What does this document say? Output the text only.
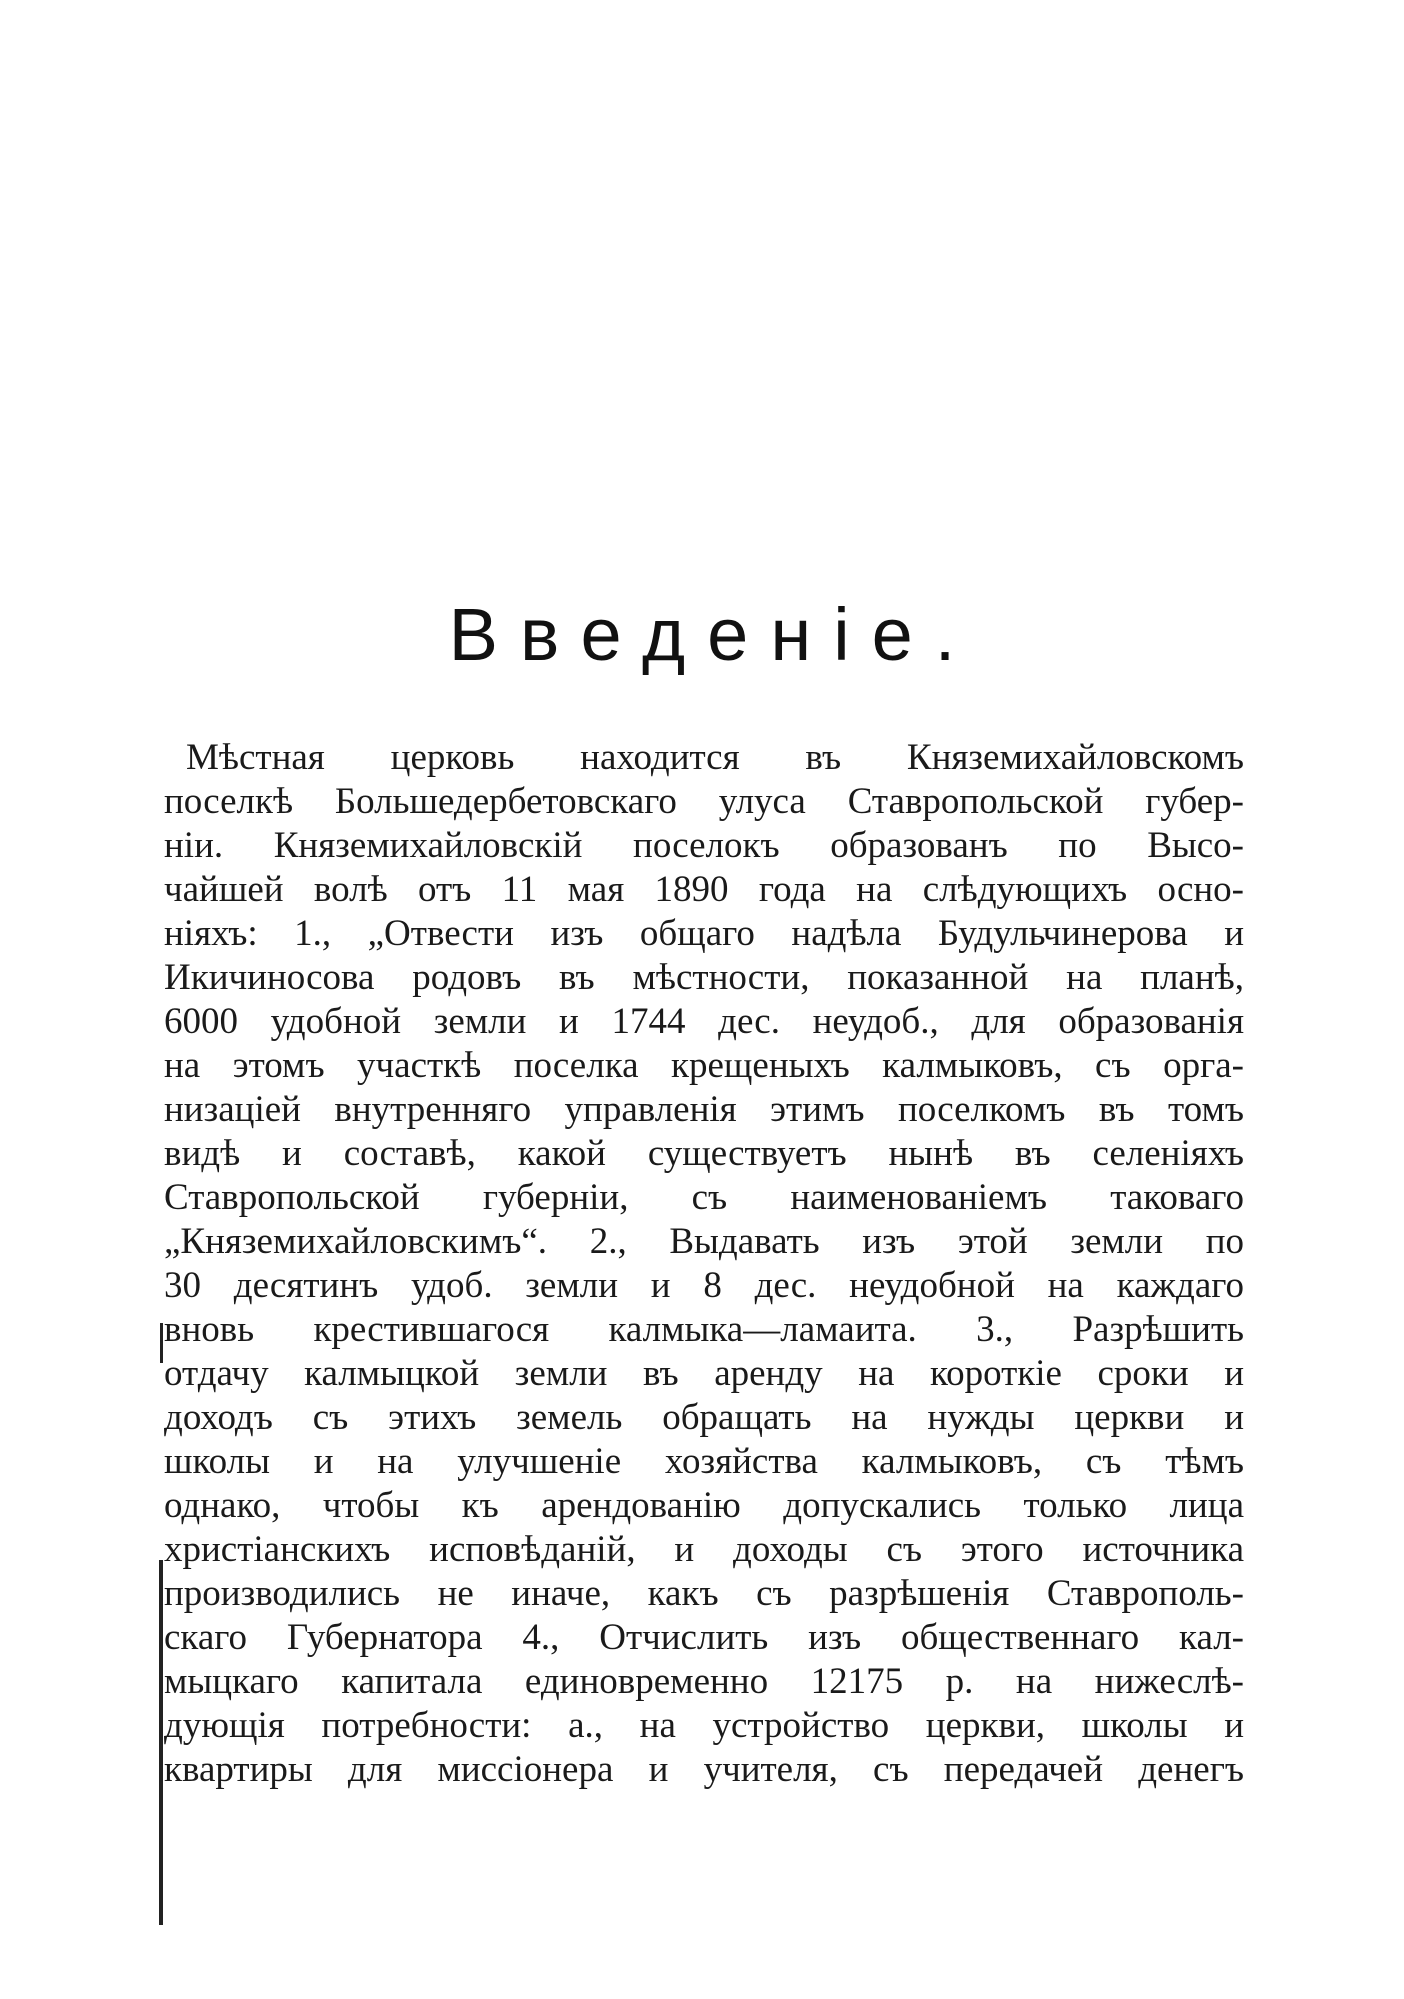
Введенiе.
Мѣстная церковь находится въ Княземихайловскомъ
поселкѣ Большедербетовскаго улуса Ставропольской губер-
нiи. Княземихайловскiй поселокъ образованъ по Высо-
чайшей волѣ отъ 11 мая 1890 года на слѣдующихъ осно-
нiяхъ: 1., „Отвести изъ общаго надѣла Будульчинерова и
Икичиносова родовъ въ мѣстности, показанной на планѣ,
6000 удобной земли и 1744 дес. неудоб., для образованiя
на этомъ участкѣ поселка крещеныхъ калмыковъ, съ орга-
низацiей внутренняго управленiя этимъ поселкомъ въ томъ
видѣ и составѣ, какой существуетъ нынѣ въ селенiяхъ
Ставропольской губернiи, съ наименованiемъ таковаго
„Княземихайловскимъ“. 2., Выдавать изъ этой земли по
30 десятинъ удоб. земли и 8 дес. неудобной на каждаго
вновь крестившагося калмыка—ламаита. 3., Разрѣшить
отдачу калмыцкой земли въ аренду на короткiе сроки и
доходъ съ этихъ земель обращать на нужды церкви и
школы и на улучшенiе хозяйства калмыковъ, съ тѣмъ
однако, чтобы къ арендованiю допускались только лица
христiанскихъ исповѣданiй, и доходы съ этого источника
производились не иначе, какъ съ разрѣшенiя Ставрополь-
скаго Губернатора 4., Отчислить изъ общественнаго кал-
мыцкаго капитала единовременно 12175 р. на нижеслѣ-
дующiя потребности: а., на устройство церкви, школы и
квартиры для миссiонера и учителя, съ передачей денегъ
